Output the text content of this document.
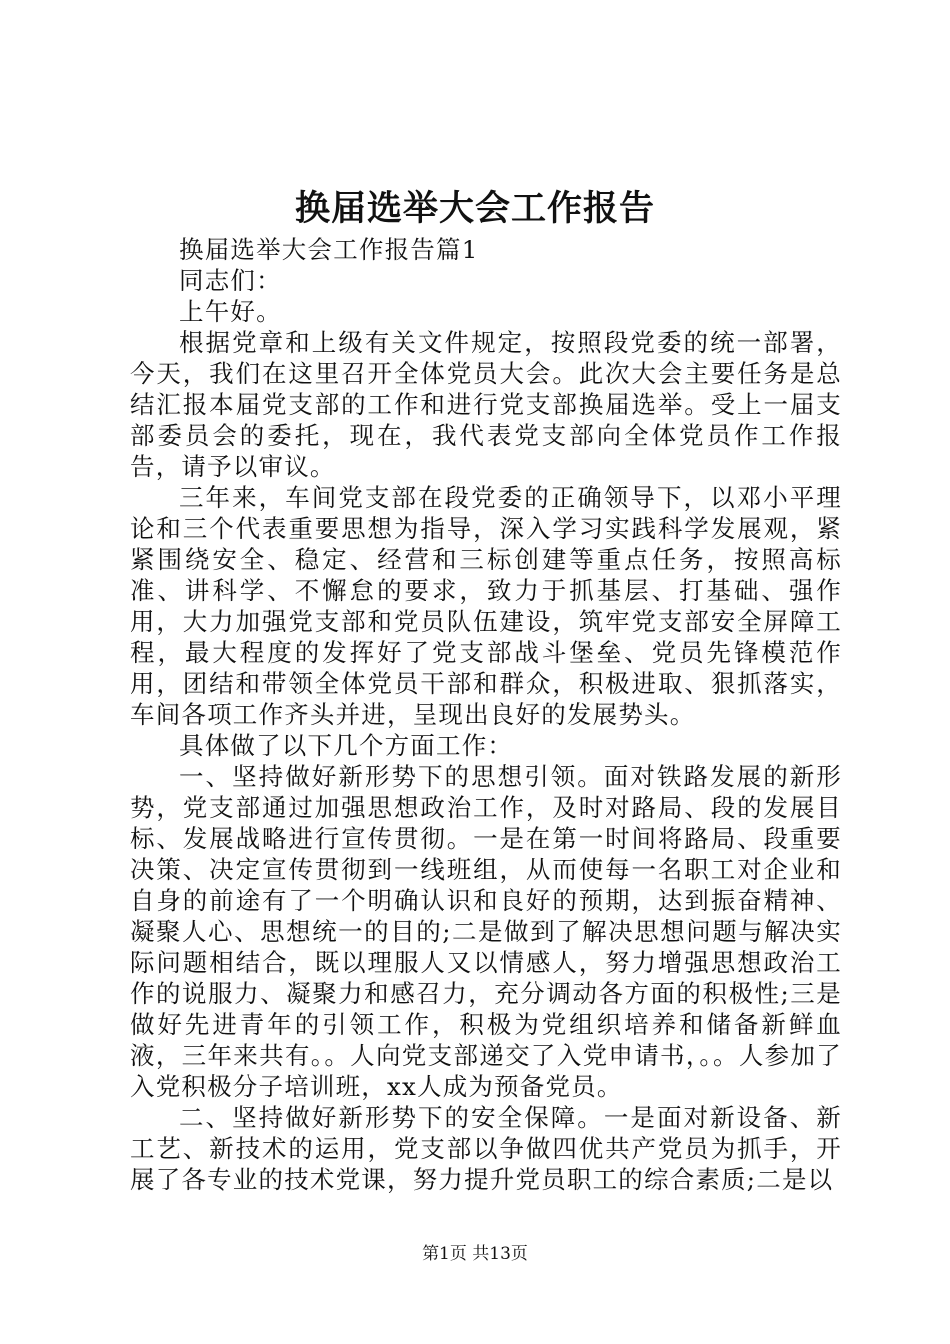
换届选举大会工作报告

换届选举大会工作报告篇1

同志们：

上午好。

根据党章和上级有关文件规定，按照段党委的统一部署，今天，我们在这里召开全体党员大会。此次大会主要任务是总结汇报本届党支部的工作和进行党支部换届选举。受上一届支部委员会的委托，现在，我代表党支部向全体党员作工作报告，请予以审议。

三年来，车间党支部在段党委的正确领导下，以邓小平理论和三个代表重要思想为指导，深入学习实践科学发展观，紧紧围绕安全、稳定、经营和三标创建等重点任务，按照高标准、讲科学、不懈怠的要求，致力于抓基层、打基础、强作用，大力加强党支部和党员队伍建设，筑牢党支部安全屏障工程，最大程度的发挥好了党支部战斗堡垒、党员先锋模范作用，团结和带领全体党员干部和群众，积极进取、狠抓落实，车间各项工作齐头并进，呈现出良好的发展势头。

具体做了以下几个方面工作：

一、坚持做好新形势下的思想引领。面对铁路发展的新形势，党支部通过加强思想政治工作，及时对路局、段的发展目标、发展战略进行宣传贯彻。一是在第一时间将路局、段重要决策、决定宣传贯彻到一线班组，从而使每一名职工对企业和自身的前途有了一个明确认识和良好的预期，达到振奋精神、凝聚人心、思想统一的目的;二是做到了解决思想问题与解决实际问题相结合，既以理服人又以情感人，努力增强思想政治工作的说服力、凝聚力和感召力，充分调动各方面的积极性;三是做好先进青年的引领工作，积极为党组织培养和储备新鲜血液，三年来共有。。人向党支部递交了入党申请书，。。人参加了入党积极分子培训班，xx人成为预备党员。

二、坚持做好新形势下的安全保障。一是面对新设备、新工艺、新技术的运用，党支部以争做四优共产党员为抓手，开展了各专业的技术党课，努力提升党员职工的综合素质;二是以

第1页 共13页
